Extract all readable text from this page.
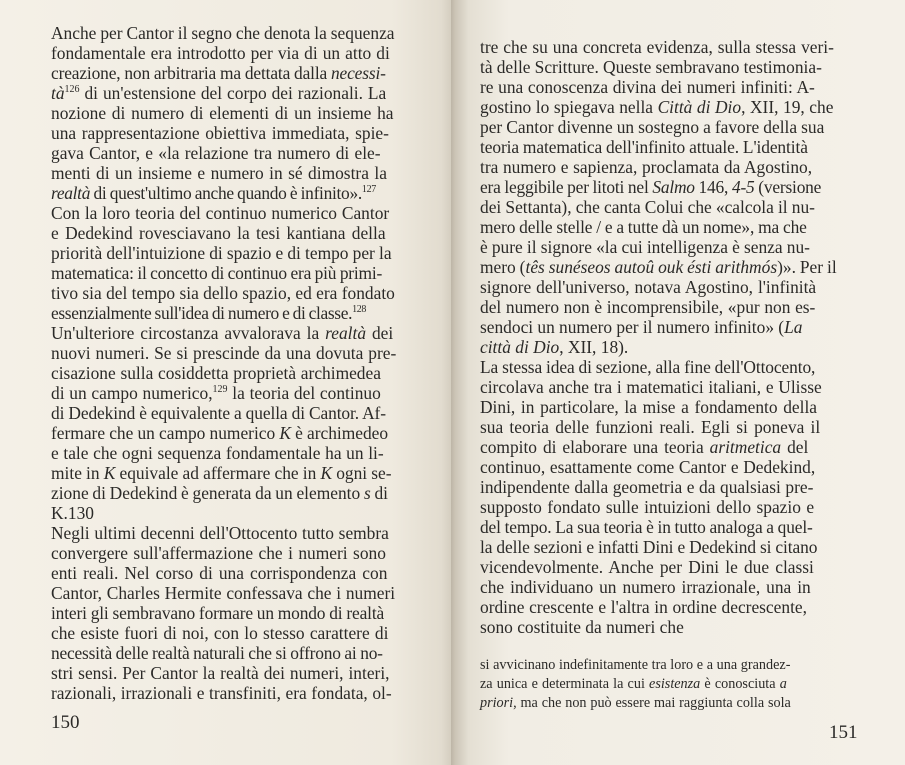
Anche per Cantor il segno che denota la sequenza
fondamentale era introdotto per via di un atto di
creazione, non arbitraria ma dettata dalla necessi-
tà$^{126}$ di un'estensione del corpo dei razionali. La
nozione di numero di elementi di un insieme ha
una rappresentazione obiettiva immediata, spie-
gava Cantor, e «la relazione tra numero di ele-
menti di un insieme e numero in sé dimostra la
realtà di quest'ultimo anche quando è infinito».$^{127}$
Con la loro teoria del continuo numerico Cantor
e Dedekind rovesciavano la tesi kantiana della
priorità dell'intuizione di spazio e di tempo per la
matematica: il concetto di continuo era più primi-
tivo sia del tempo sia dello spazio, ed era fondato
essenzialmente sull'idea di numero e di classe.$^{128}$
Un'ulteriore circostanza avvalorava la realtà dei
nuovi numeri. Se si prescinde da una dovuta pre-
cisazione sulla cosiddetta proprietà archimedea
di un campo numerico,$^{129}$ la teoria del continuo
di Dedekind è equivalente a quella di Cantor. Af-
fermare che un campo numerico K è archimedeo
e tale che ogni sequenza fondamentale ha un li-
mite in K equivale ad affermare che in K ogni se-
zione di Dedekind è generata da un elemento s di
K.130
Negli ultimi decenni dell'Ottocento tutto sembra
convergere sull'affermazione che i numeri sono
enti reali. Nel corso di una corrispondenza con
Cantor, Charles Hermite confessava che i numeri
interi gli sembravano formare un mondo di realtà
che esiste fuori di noi, con lo stesso carattere di
necessità delle realtà naturali che si offrono ai no-
stri sensi. Per Cantor la realtà dei numeri, interi,
razionali, irrazionali e transfiniti, era fondata, ol-
150
tre che su una concreta evidenza, sulla stessa veri-
tà delle Scritture. Queste sembravano testimonia-
re una conoscenza divina dei numeri infiniti: A-
gostino lo spiegava nella Città di Dio, XII, 19, che
per Cantor divenne un sostegno a favore della sua
teoria matematica dell'infinito attuale. L'identità
tra numero e sapienza, proclamata da Agostino,
era leggibile per litoti nel Salmo 146, 4-5 (versione
dei Settanta), che canta Colui che «calcola il nu-
mero delle stelle / e a tutte dà un nome», ma che
è pure il signore «la cui intelligenza è senza nu-
mero (tês sunéseos autoû ouk ésti arithmós)». Per il
signore dell'universo, notava Agostino, l'infinità
del numero non è incomprensibile, «pur non es-
sendoci un numero per il numero infinito» (La
città di Dio, XII, 18).
La stessa idea di sezione, alla fine dell'Ottocento,
circolava anche tra i matematici italiani, e Ulisse
Dini, in particolare, la mise a fondamento della
sua teoria delle funzioni reali. Egli si poneva il
compito di elaborare una teoria aritmetica del
continuo, esattamente come Cantor e Dedekind,
indipendente dalla geometria e da qualsiasi pre-
supposto fondato sulle intuizioni dello spazio e
del tempo. La sua teoria è in tutto analoga a quel-
la delle sezioni e infatti Dini e Dedekind si citano
vicendevolmente. Anche per Dini le due classi
che individuano un numero irrazionale, una in
ordine crescente e l'altra in ordine decrescente,
sono costituite da numeri che
si avvicinano indefinitamente tra loro e a una grandez-
za unica e determinata la cui esistenza è conosciuta a
priori, ma che non può essere mai raggiunta colla sola
151
